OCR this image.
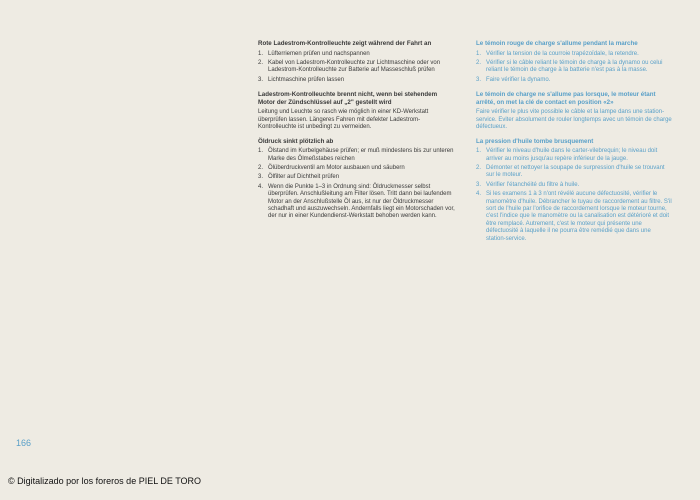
Rote Ladestrom-Kontrolleuchte zeigt während der Fahrt an
1. Lüfterriemen prüfen und nachspannen
2. Kabel von Ladestrom-Kontrolleuchte zur Lichtmaschine oder von Ladestrom-Kontrolleuchte zur Batterie auf Masseschluß prüfen
3. Lichtmaschine prüfen lassen
Ladestrom-Kontrolleuchte brennt nicht, wenn bei stehendem Motor der Zündschlüssel auf „2" gestellt wird

Leitung und Leuchte so rasch wie möglich in einer KD-Werkstatt überprüfen lassen. Längeres Fahren mit defekter Ladestrom-Kontrolleuchte ist unbedingt zu vermeiden.

Öldruck sinkt plötzlich ab
1. Ölstand im Kurbelgehäuse prüfen; er muß mindestens bis zur unteren Marke des Ölmeßstabes reichen
2. Ölüberdruckventil am Motor ausbauen und säubern
3. Ölfilter auf Dichtheit prüfen
4. Wenn die Punkte 1–3 in Ordnung sind: Öldruckmesser selbst überprüfen. Anschlußleitung am Filter lösen. Tritt dann bei laufendem Motor an der Anschlußstelle Öl aus, ist nur der Öldruckmesser schadhaft und auszuwechseln. Andernfalls liegt ein Motorschaden vor, der nur in einer Kundendienst-Werkstatt behoben werden kann.
Le témoin rouge de charge s'allume pendant la marche
1. Vérifier la tension de la courroie trapézoïdale, la retendre.
2. Vérifier si le câble reliant le témoin de charge à la dynamo ou celui reliant le témoin de charge à la batterie n'est pas à la masse.
3. Faire vérifier la dynamo.
Le témoin de charge ne s'allume pas lorsque, le moteur étant arrêté, on met la clé de contact en position «2»

Faire vérifier le plus vite possible le câble et la lampe dans une station-service. Eviter absolument de rouler longtemps avec un témoin de charge défectueux.

La pression d'huile tombe brusquement
1. Vérifier le niveau d'huile dans le carter-vilebrequin; le niveau doit arriver au moins jusqu'au repère inférieur de la jauge.
2. Démonter et nettoyer la soupape de surpression d'huile se trouvant sur le moteur.
3. Vérifier l'étanchéité du filtre à huile.
4. Si les examens 1 à 3 n'ont révélé aucune défectuosité, vérifier le manomètre d'huile. Débrancher le tuyau de raccordement au filtre. S'il sort de l'huile par l'orifice de raccordement lorsque le moteur tourne, c'est l'indice que le manomètre ou la canalisation est détérioré et doit être remplacé. Autrement, c'est le moteur qui présente une défectuosité à laquelle il ne pourra être remédié que dans une station-service.
166
© Digitalizado por los foreros de PIEL DE TORO
